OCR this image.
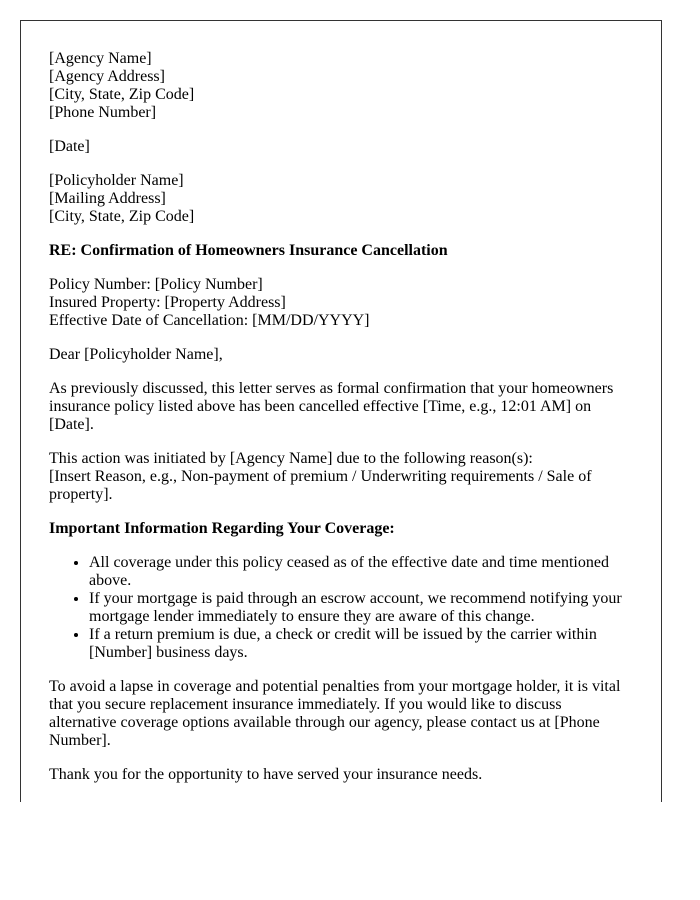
[Agency Name]
[Agency Address]
[City, State, Zip Code]
[Phone Number]

[Date]

[Policyholder Name]
[Mailing Address]
[City, State, Zip Code]

RE: Confirmation of Homeowners Insurance Cancellation

Policy Number: [Policy Number]
Insured Property: [Property Address]
Effective Date of Cancellation: [MM/DD/YYYY]

Dear [Policyholder Name],

As previously discussed, this letter serves as formal confirmation that your homeowners insurance policy listed above has been cancelled effective [Time, e.g., 12:01 AM] on [Date].

This action was initiated by [Agency Name] due to the following reason(s):
[Insert Reason, e.g., Non-payment of premium / Underwriting requirements / Sale of property].

Important Information Regarding Your Coverage:

• All coverage under this policy ceased as of the effective date and time mentioned above.
• If your mortgage is paid through an escrow account, we recommend notifying your mortgage lender immediately to ensure they are aware of this change.
• If a return premium is due, a check or credit will be issued by the carrier within [Number] business days.

To avoid a lapse in coverage and potential penalties from your mortgage holder, it is vital that you secure replacement insurance immediately. If you would like to discuss alternative coverage options available through our agency, please contact us at [Phone Number].

Thank you for the opportunity to have served your insurance needs.
